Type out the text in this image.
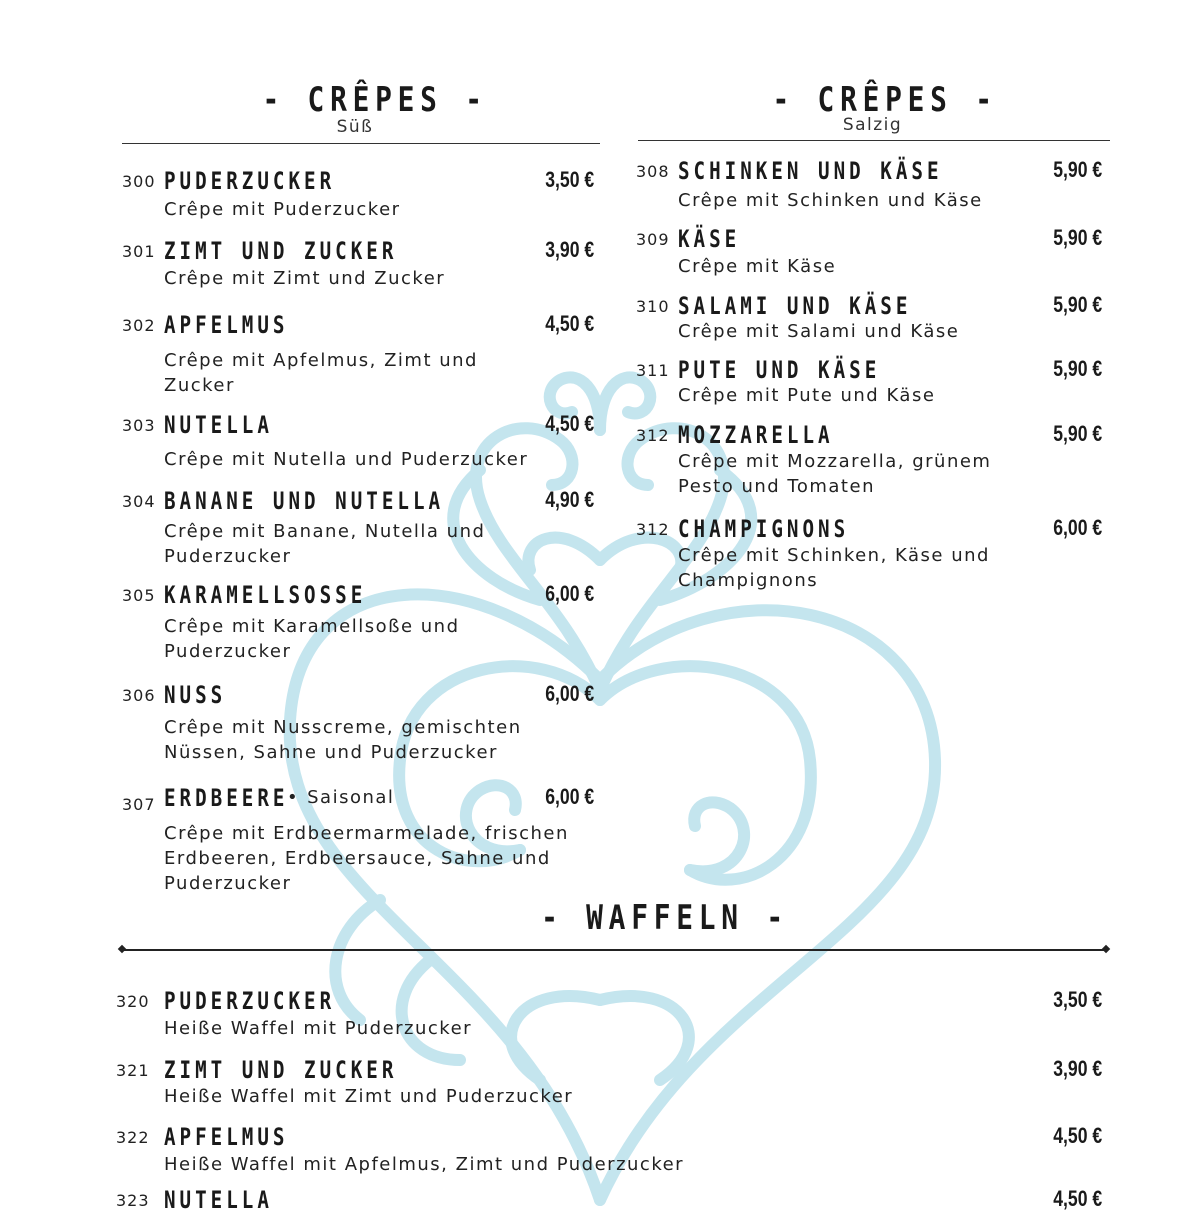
- CRÊPES -
Süß
300 PUDERZUCKER	3,50 €

Crêpe mit Puderzucker

301 ZIMT UND ZUCKER	3,90 €

Crêpe mit Zimt und Zucker

302 APFELMUS	4,50 €

Crêpe mit Apfelmus, Zimt und Zucker

303 NUTELLA	4,50 €

Crêpe mit Nutella und Puderzucker

304 BANANE UND NUTELLA	4,90 €

Crêpe mit Banane, Nutella und Puderzucker

305 KARAMELLSOSSE	6,00 €

Crêpe mit Karamellsoße und Puderzucker

306 NUSS	6,00 €

Crêpe mit Nusscreme, gemischten Nüssen, Sahne und Puderzucker

307 ERDBEERE
•	Saisonal	6,00 €

Crêpe mit Erdbeermarmelade, frischen Erdbeeren, Erdbeersauce, Sahne und Puderzucker

- CRÊPES -
Salzig
308 SCHINKEN UND KÄSE	5,90 €

Crêpe mit Schinken und Käse

309 KÄSE	5,90 €

Crêpe mit Käse

310 SALAMI UND KÄSE	5,90 €

Crêpe mit Salami und Käse

311 PUTE UND KÄSE	5,90 €

Crêpe mit Pute und Käse

312 MOZZARELLA	5,90 €

Crêpe mit Mozzarella, grünem Pesto und Tomaten

312 CHAMPIGNONS	6,00 €

Crêpe mit Schinken, Käse und Champignons

- WAFFELN -
320 PUDERZUCKER	3,50 €

Heiße Waffel mit Puderzucker

321 ZIMT UND ZUCKER	3,90 €

Heiße Waffel mit Zimt und Puderzucker

322 APFELMUS	4,50 €

Heiße Waffel mit Apfelmus, Zimt und Puderzucker

323 NUTELLA	4,50 €
